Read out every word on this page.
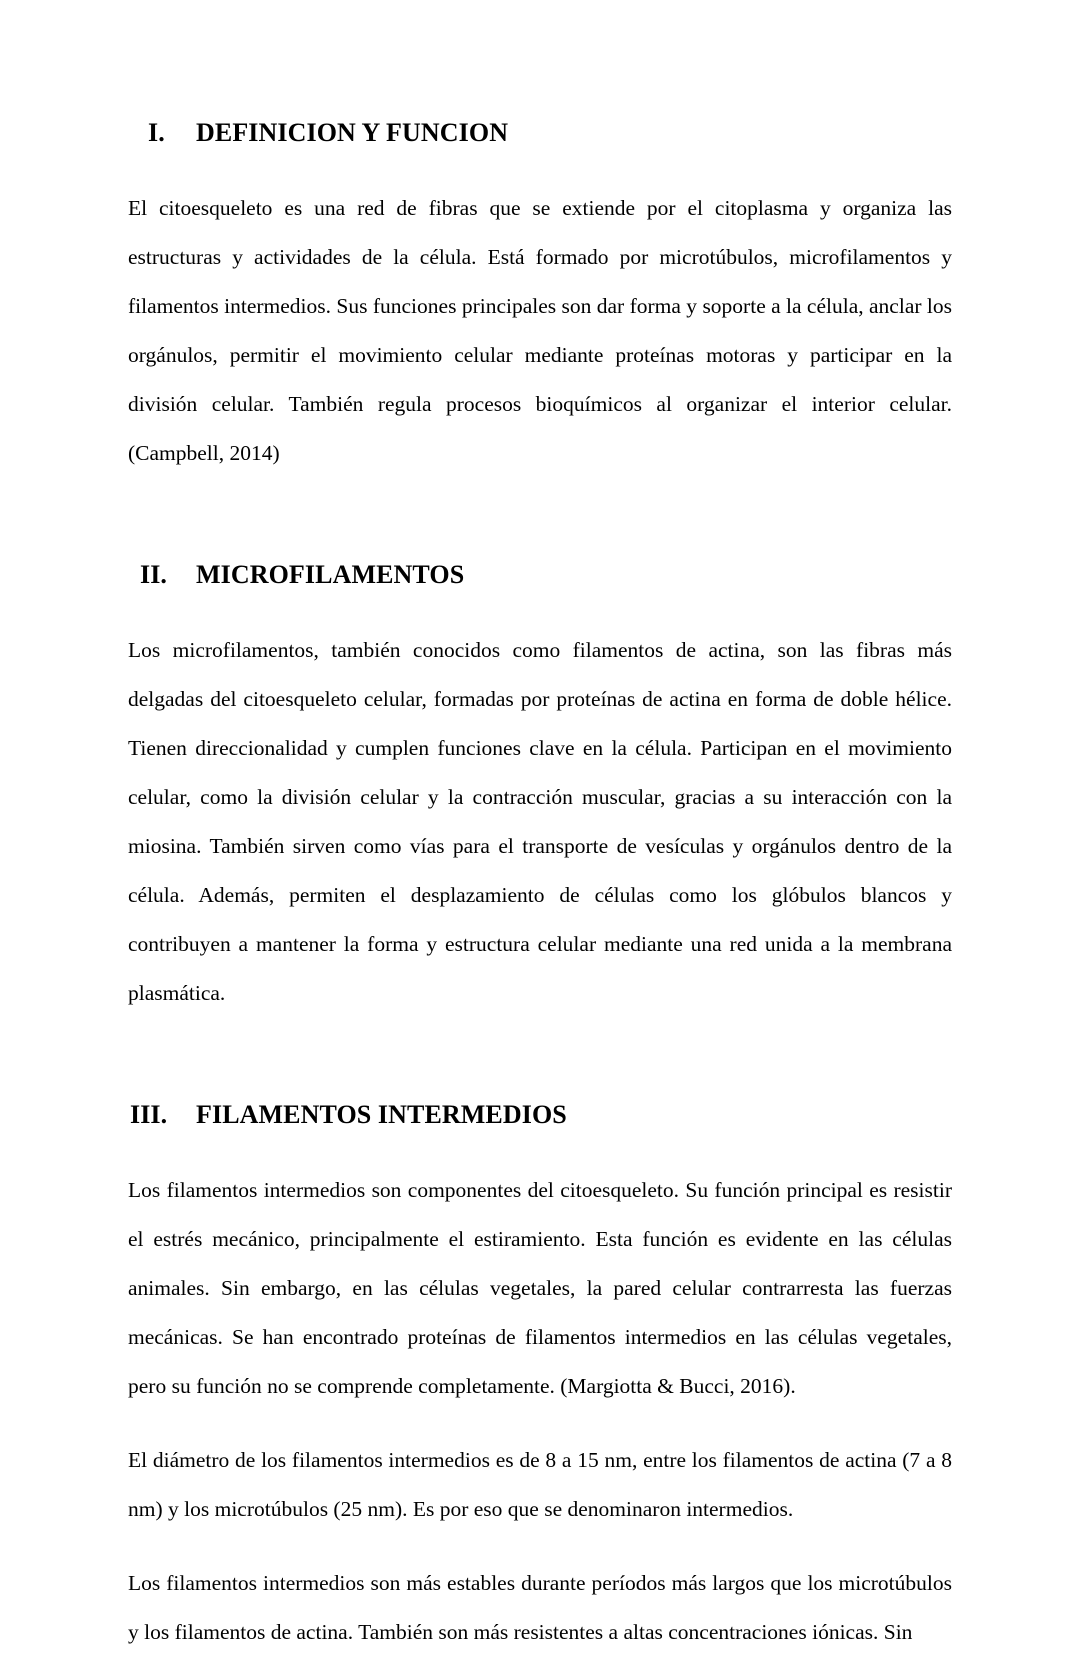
I. DEFINICION Y FUNCION

El citoesqueleto es una red de fibras que se extiende por el citoplasma y organiza las estructuras y actividades de la célula. Está formado por microtúbulos, microfilamentos y filamentos intermedios. Sus funciones principales son dar forma y soporte a la célula, anclar los orgánulos, permitir el movimiento celular mediante proteínas motoras y participar en la división celular. También regula procesos bioquímicos al organizar el interior celular. (Campbell, 2014)

II. MICROFILAMENTOS

Los microfilamentos, también conocidos como filamentos de actina, son las fibras más delgadas del citoesqueleto celular, formadas por proteínas de actina en forma de doble hélice. Tienen direccionalidad y cumplen funciones clave en la célula. Participan en el movimiento celular, como la división celular y la contracción muscular, gracias a su interacción con la miosina. También sirven como vías para el transporte de vesículas y orgánulos dentro de la célula. Además, permiten el desplazamiento de células como los glóbulos blancos y contribuyen a mantener la forma y estructura celular mediante una red unida a la membrana plasmática.

III. FILAMENTOS INTERMEDIOS

Los filamentos intermedios son componentes del citoesqueleto. Su función principal es resistir el estrés mecánico, principalmente el estiramiento. Esta función es evidente en las células animales. Sin embargo, en las células vegetales, la pared celular contrarresta las fuerzas mecánicas. Se han encontrado proteínas de filamentos intermedios en las células vegetales, pero su función no se comprende completamente. (Margiotta & Bucci, 2016).

El diámetro de los filamentos intermedios es de 8 a 15 nm, entre los filamentos de actina (7 a 8 nm) y los microtúbulos (25 nm). Es por eso que se denominaron intermedios.

Los filamentos intermedios son más estables durante períodos más largos que los microtúbulos y los filamentos de actina. También son más resistentes a altas concentraciones iónicas. Sin
